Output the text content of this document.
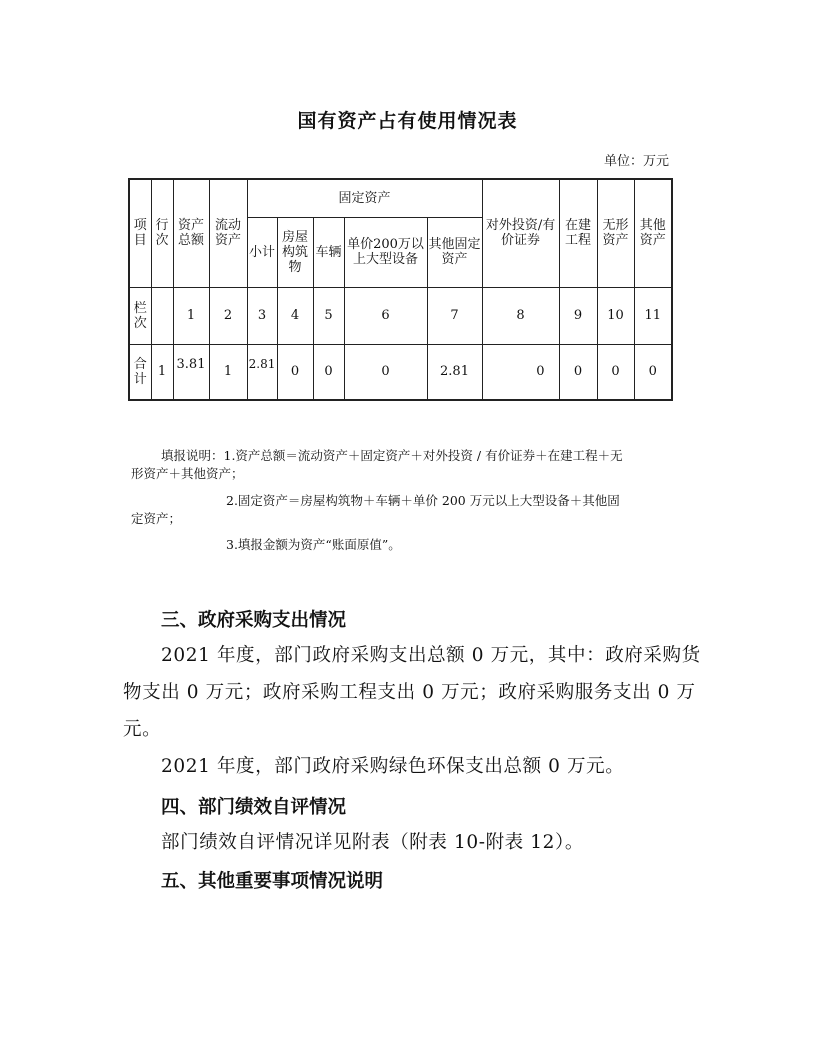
国有资产占有使用情况表
单位：万元
项目	行次	资产总额	流动资产	固定资产					对外投资/有价证券	在建工程	无形资产	其他资产
				小计	房屋构筑物	车辆	单价200万以上大型设备	其他固定资产				
栏次		1	2	3	4	5	6	7	8	9	10	11
合计	1	3.81	1	2.81	0	0	0	2.81	0	0	0	0

填报说明：1.资产总额＝流动资产＋固定资产＋对外投资 / 有价证券＋在建工程＋无形资产＋其他资产；

2.固定资产＝房屋构筑物＋车辆＋单价 200 万元以上大型设备＋其他固定资产；

3.填报金额为资产“账面原值”。

三、政府采购支出情况
2021 年度，部门政府采购支出总额 0 万元，其中：政府采购货物支出 0 万元；政府采购工程支出 0 万元；政府采购服务支出 0 万元。
2021 年度，部门政府采购绿色环保支出总额 0 万元。
四、部门绩效自评情况
部门绩效自评情况详见附表（附表 10-附表 12）。
五、其他重要事项情况说明
